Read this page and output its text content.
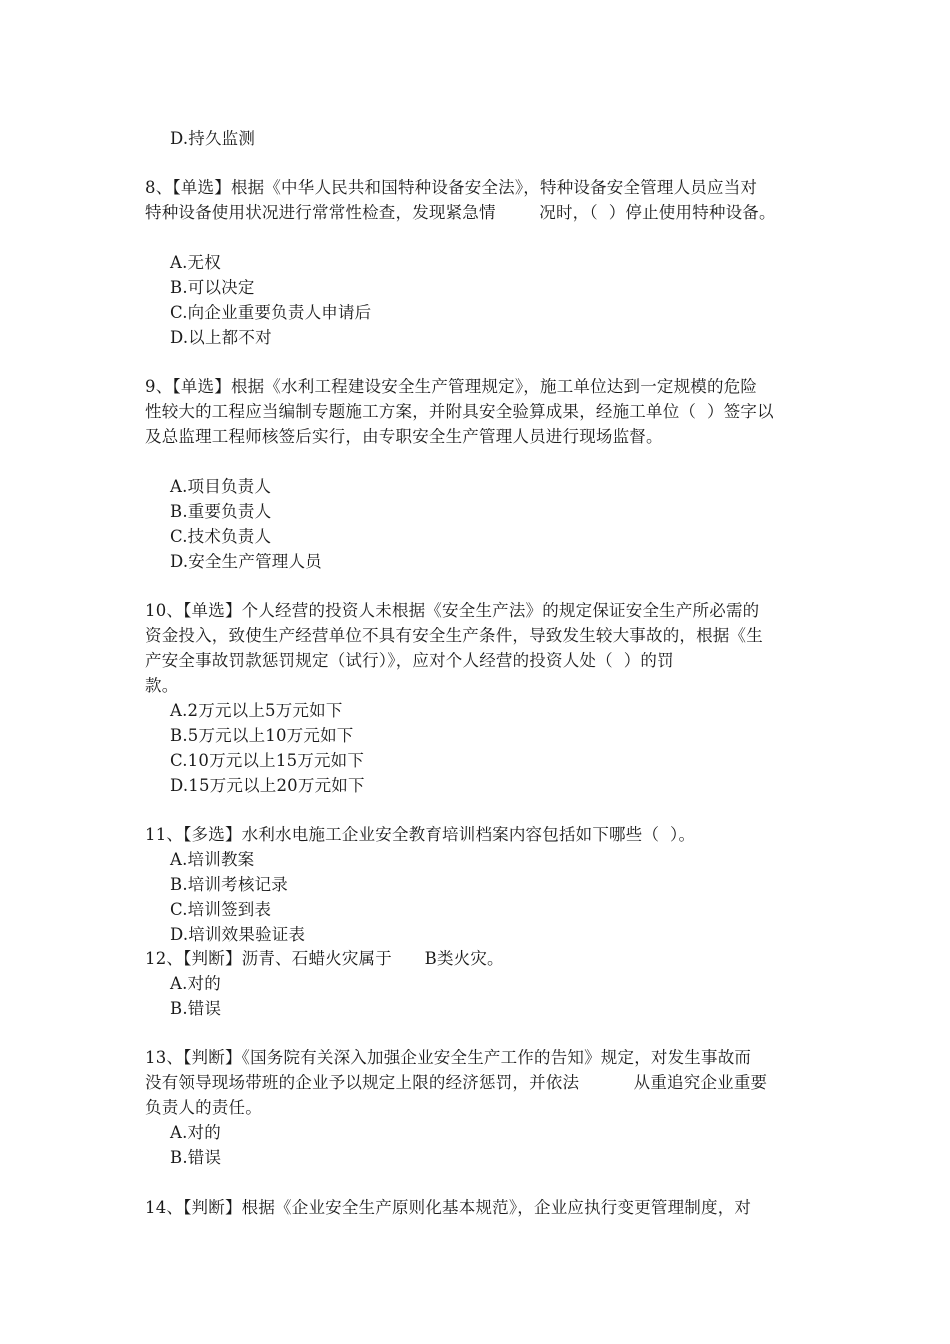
D.持久监测
8、【单选】根据《中华人民共和国特种设备安全法》，特种设备安全管理人员应当对
特种设备使用状况进行常常性检查，发现紧急情        况时，（  ）停止使用特种设备。
A.无权
B.可以决定
C.向企业重要负责人申请后
D.以上都不对
9、【单选】根据《水利工程建设安全生产管理规定》，施工单位达到一定规模的危险
性较大的工程应当编制专题施工方案，并附具安全验算成果，经施工单位（  ）签字以
及总监理工程师核签后实行，由专职安全生产管理人员进行现场监督。
A.项目负责人
B.重要负责人
C.技术负责人
D.安全生产管理人员
10、【单选】个人经营的投资人未根据《安全生产法》的规定保证安全生产所必需的
资金投入，致使生产经营单位不具有安全生产条件，导致发生较大事故的，根据《生
产安全事故罚款惩罚规定（试行）》，应对个人经营的投资人处（  ）的罚
款。
A.2万元以上5万元如下
B.5万元以上10万元如下
C.10万元以上15万元如下
D.15万元以上20万元如下
11、【多选】水利水电施工企业安全教育培训档案内容包括如下哪些（  ）。
A.培训教案
B.培训考核记录
C.培训签到表
D.培训效果验证表
12、【判断】沥青、石蜡火灾属于      B类火灾。
A.对的
B.错误
13、【判断】《国务院有关深入加强企业安全生产工作的告知》规定，对发生事故而
没有领导现场带班的企业予以规定上限的经济惩罚，并依法          从重追究企业重要
负责人的责任。
A.对的
B.错误
14、【判断】根据《企业安全生产原则化基本规范》，企业应执行变更管理制度，对
